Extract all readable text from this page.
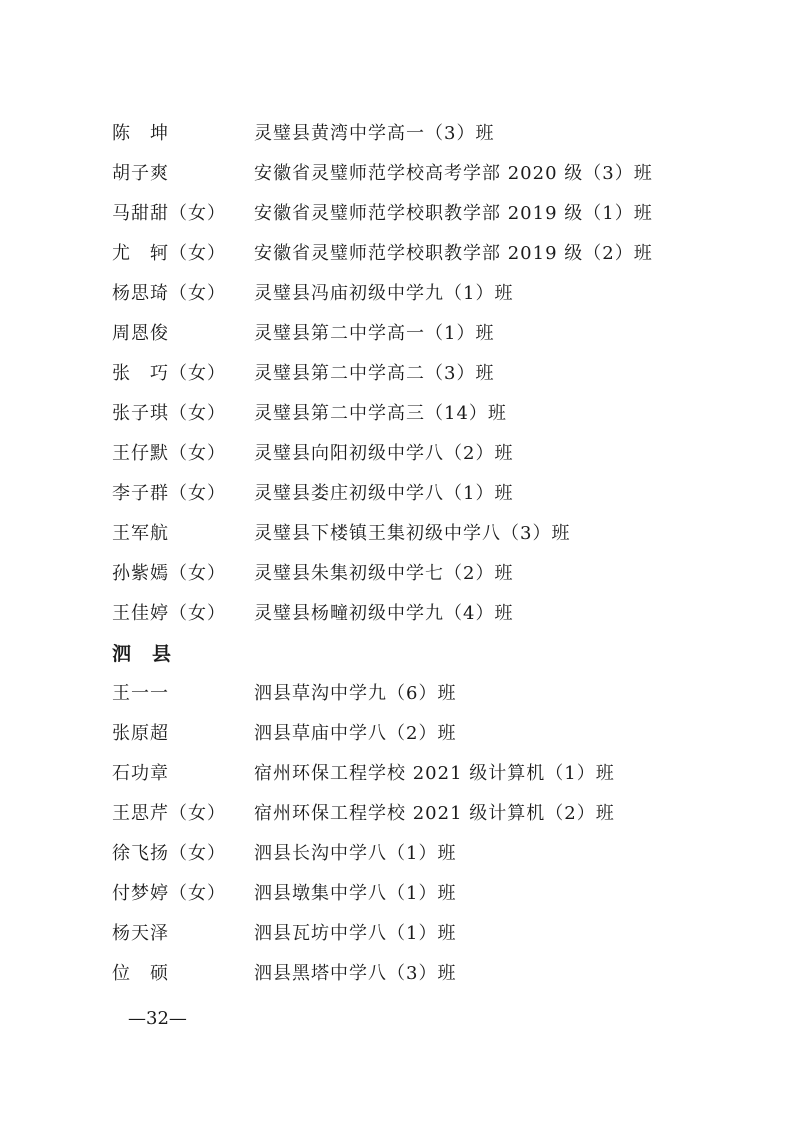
陈　坤	灵璧县黄湾中学高一（3）班
胡子爽	安徽省灵璧师范学校高考学部 2020 级（3）班
马甜甜（女）	安徽省灵璧师范学校职教学部 2019 级（1）班
尤　轲（女）	安徽省灵璧师范学校职教学部 2019 级（2）班
杨思琦（女）	灵璧县冯庙初级中学九（1）班
周恩俊	灵璧县第二中学高一（1）班
张　巧（女）	灵璧县第二中学高二（3）班
张子琪（女）	灵璧县第二中学高三（14）班
王仔默（女）	灵璧县向阳初级中学八（2）班
李子群（女）	灵璧县娄庄初级中学八（1）班
王军航	灵璧县下楼镇王集初级中学八（3）班
孙紫嫣（女）	灵璧县朱集初级中学七（2）班
王佳婷（女）	灵璧县杨疃初级中学九（4）班
泗　县
王一一	泗县草沟中学九（6）班
张原超	泗县草庙中学八（2）班
石功章	宿州环保工程学校 2021 级计算机（1）班
王思芹（女）	宿州环保工程学校 2021 级计算机（2）班
徐飞扬（女）	泗县长沟中学八（1）班
付梦婷（女）	泗县墩集中学八（1）班
杨天泽	泗县瓦坊中学八（1）班
位　硕	泗县黑塔中学八（3）班
—32—
